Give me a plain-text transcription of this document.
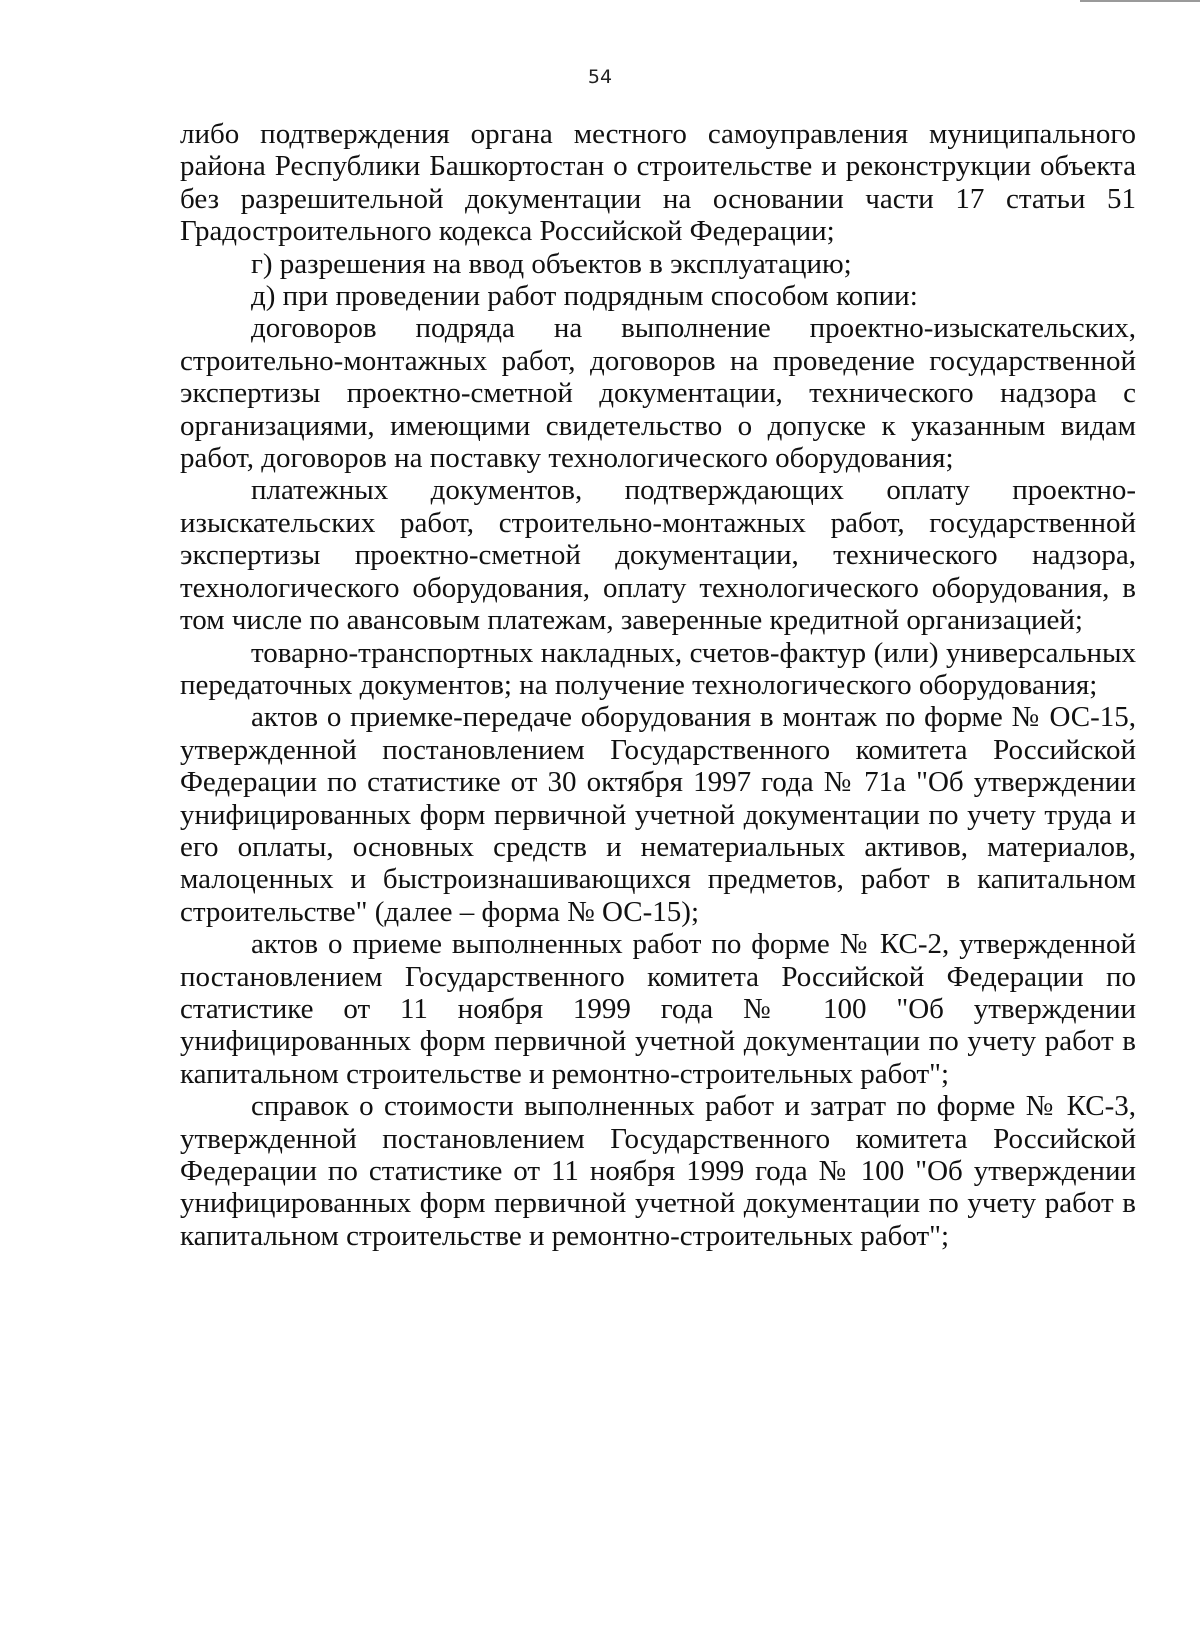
54

либо подтверждения органа местного самоуправления муниципального района Республики Башкортостан о строительстве и реконструкции объекта без разрешительной документации на основании части 17 статьи 51 Градостроительного кодекса Российской Федерации;

г) разрешения на ввод объектов в эксплуатацию;

д) при проведении работ подрядным способом копии:

договоров подряда на выполнение проектно-изыскательских, строительно-монтажных работ, договоров на проведение государственной экспертизы проектно-сметной документации, технического надзора с организациями, имеющими свидетельство о допуске к указанным видам работ, договоров на поставку технологического оборудования;

платежных документов, подтверждающих оплату проектно-изыскательских работ, строительно-монтажных работ, государственной экспертизы проектно-сметной документации, технического надзора, технологического оборудования, оплату технологического оборудования, в том числе по авансовым платежам, заверенные кредитной организацией;

товарно-транспортных накладных, счетов-фактур (или) универсальных передаточных документов; на получение технологического оборудования;

актов о приемке-передаче оборудования в монтаж по форме № ОС-15, утвержденной постановлением Государственного комитета Российской Федерации по статистике от 30 октября 1997 года № 71а "Об утверждении унифицированных форм первичной учетной документации по учету труда и его оплаты, основных средств и нематериальных активов, материалов, малоценных и быстроизнашивающихся предметов, работ в капитальном строительстве" (далее – форма № ОС-15);

актов о приеме выполненных работ по форме № КС-2, утвержденной постановлением Государственного комитета Российской Федерации по статистике от 11 ноября 1999 года № 100 "Об утверждении унифицированных форм первичной учетной документации по учету работ в капитальном строительстве и ремонтно-строительных работ";

справок о стоимости выполненных работ и затрат по форме № КС-3, утвержденной постановлением Государственного комитета Российской Федерации по статистике от 11 ноября 1999 года № 100 "Об утверждении унифицированных форм первичной учетной документации по учету работ в капитальном строительстве и ремонтно-строительных работ";
